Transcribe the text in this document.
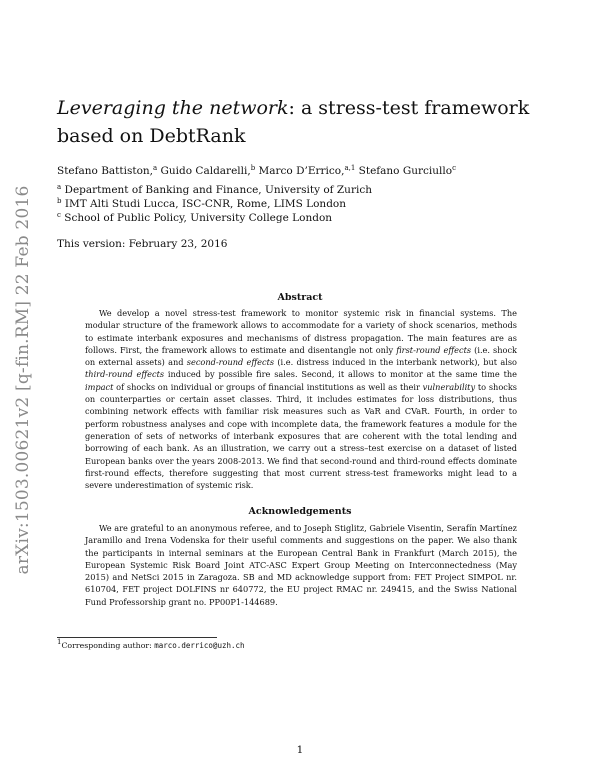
arXiv:1503.00621v2 [q-fin.RM] 22 Feb 2016
Leveraging the network: a stress-test framework based on DebtRank
Stefano Battiston,$^a$ Guido Caldarelli,$^b$ Marco D’Errico,$^{a,1}$ Stefano Gurciullo$^c$
$^a$ Department of Banking and Finance, University of Zurich
$^b$ IMT Alti Studi Lucca, ISC-CNR, Rome, LIMS London
$^c$ School of Public Policy, University College London
This version: February 23, 2016
Abstract

We develop a novel stress-test framework to monitor systemic risk in financial systems. The modular structure of the framework allows to accommodate for a variety of shock scenarios, methods to estimate interbank exposures and mechanisms of distress propagation. The main features are as follows. First, the framework allows to estimate and disentangle not only first-round effects (i.e. shock on external assets) and second-round effects (i.e. distress induced in the interbank network), but also third-round effects induced by possible fire sales. Second, it allows to monitor at the same time the impact of shocks on individual or groups of financial institutions as well as their vulnerability to shocks on counterparties or certain asset classes. Third, it includes estimates for loss distributions, thus combining network effects with familiar risk measures such as VaR and CVaR. Fourth, in order to perform robustness analyses and cope with incomplete data, the framework features a module for the generation of sets of networks of interbank exposures that are coherent with the total lending and borrowing of each bank. As an illustration, we carry out a stress–test exercise on a dataset of listed European banks over the years 2008-2013. We find that second-round and third-round effects dominate first-round effects, therefore suggesting that most current stress-test frameworks might lead to a severe underestimation of systemic risk.

Acknowledgements

We are grateful to an anonymous referee, and to Joseph Stiglitz, Gabriele Visentin, Serafín Martínez Jaramillo and Irena Vodenska for their useful comments and suggestions on the paper. We also thank the participants in internal seminars at the European Central Bank in Frankfurt (March 2015), the European Systemic Risk Board Joint ATC-ASC Expert Group Meeting on Interconnectedness (May 2015) and NetSci 2015 in Zaragoza. SB and MD acknowledge support from: FET Project SIMPOL nr. 610704, FET project DOLFINS nr 640772, the EU project RMAC nr. 249415, and the Swiss National Fund Professorship grant no. PP00P1-144689.

$^1$Corresponding author: marco.derrico@uzh.ch
1
